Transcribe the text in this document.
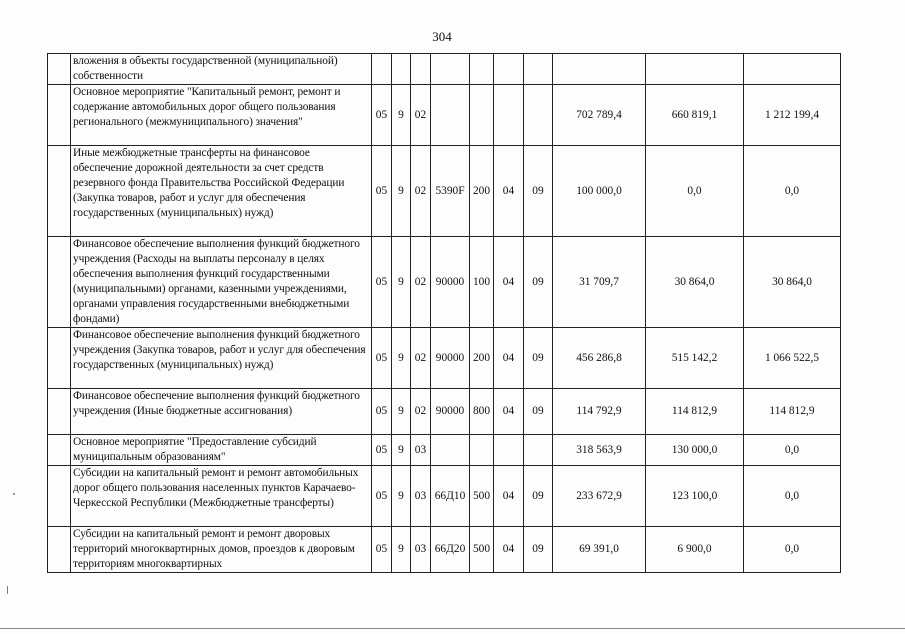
304
	вложения в объекты государственной (муниципальной) собственности										
	Основное мероприятие "Капитальный ремонт, ремонт и содержание автомобильных дорог общего пользования регионального (межмуниципального) значения"	05	9	02					702 789,4	660 819,1	1 212 199,4
	Иные межбюджетные трансферты на финансовое обеспечение дорожной деятельности за счет средств резервного фонда Правительства Российской Федерации (Закупка товаров, работ и услуг для обеспечения государственных (муниципальных) нужд)	05	9	02	5390F	200	04	09	100 000,0	0,0	0,0
	Финансовое обеспечение выполнения функций бюджетного учреждения (Расходы на выплаты персоналу в целях обеспечения выполнения функций государственными (муниципальными) органами, казенными учреждениями, органами управления государственными внебюджетными фондами)	05	9	02	90000	100	04	09	31 709,7	30 864,0	30 864,0
	Финансовое обеспечение выполнения функций бюджетного учреждения (Закупка товаров, работ и услуг для обеспечения государственных (муниципальных) нужд)	05	9	02	90000	200	04	09	456 286,8	515 142,2	1 066 522,5
	Финансовое обеспечение выполнения функций бюджетного учреждения (Иные бюджетные ассигнования)	05	9	02	90000	800	04	09	114 792,9	114 812,9	114 812,9
	Основное мероприятие "Предоставление субсидий муниципальным образованиям"	05	9	03					318 563,9	130 000,0	0,0
	Субсидии на капитальный ремонт и ремонт автомобильных дорог общего пользования населенных пунктов Карачаево-Черкесской Республики (Межбюджетные трансферты)	05	9	03	66Д10	500	04	09	233 672,9	123 100,0	0,0
	Субсидии на капитальный ремонт и ремонт дворовых территорий многоквартирных домов, проездов к дворовым территориям многоквартирных	05	9	03	66Д20	500	04	09	69 391,0	6 900,0	0,0
